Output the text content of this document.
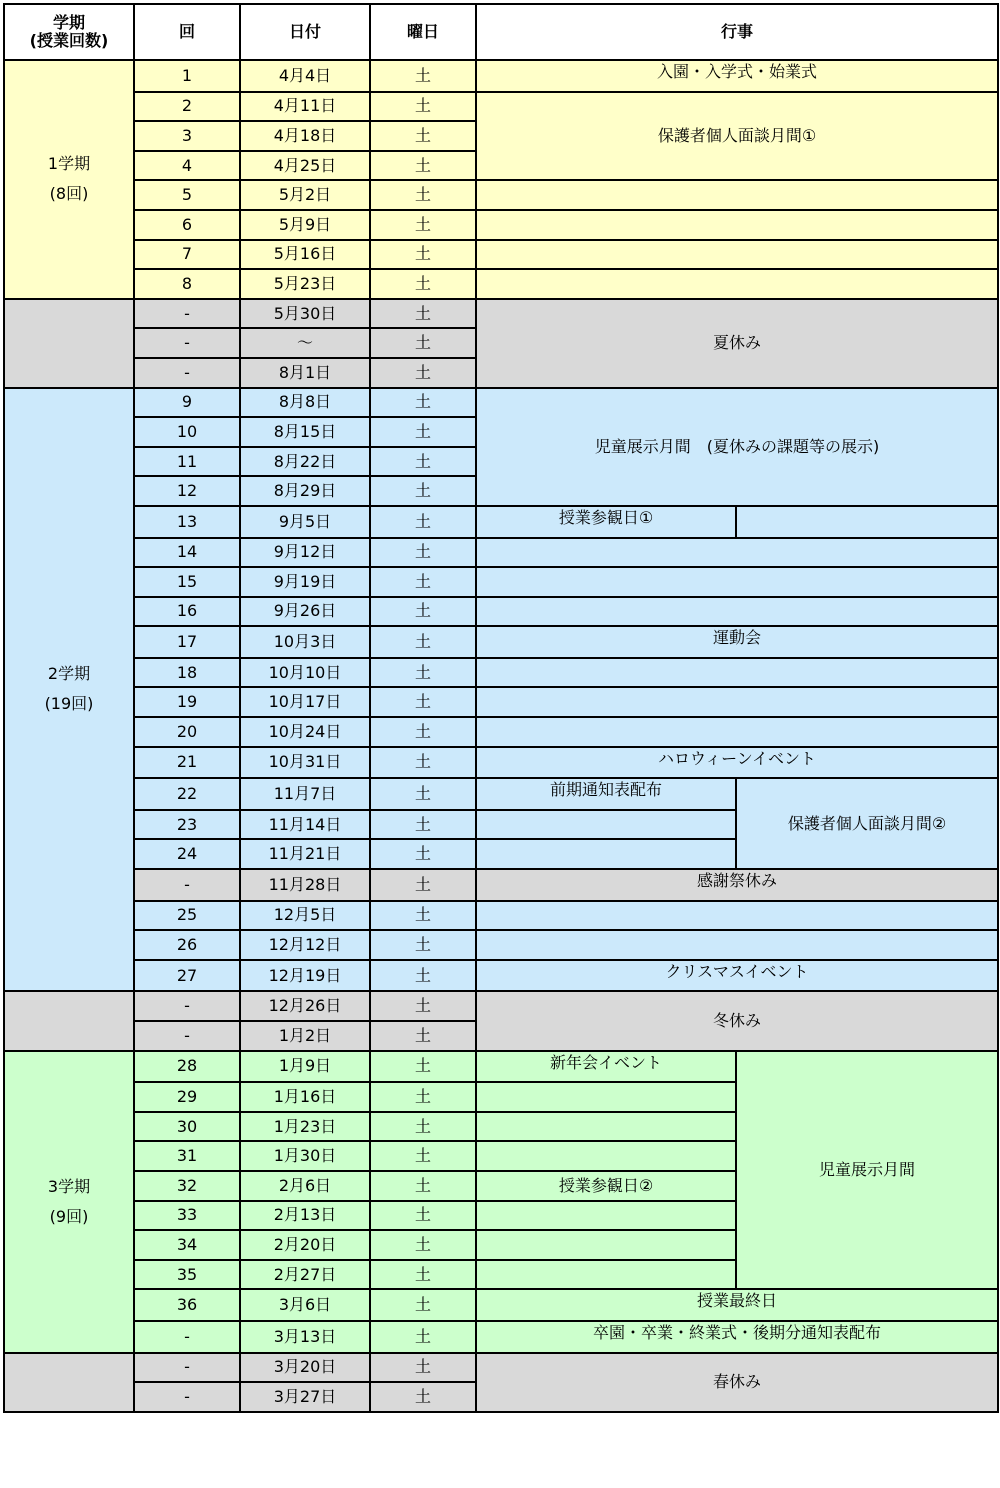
学期
(授業回数)	回	日付	曜日	行事	
1学期
(8回)	1	4月4日	土	入園・入学式・始業式	
	2	4月11日	土	保護者個人面談月間①	
	3	4月18日	土		
	4	4月25日	土		
	5	5月2日	土		
	6	5月9日	土		
	7	5月16日	土		
	8	5月23日	土		
	-	5月30日	土	夏休み	
	-	～	土		
	-	8月1日	土		
2学期
(19回)	9	8月8日	土	児童展示月間　(夏休みの課題等の展示)	
	10	8月15日	土		
	11	8月22日	土		
	12	8月29日	土		
	13	9月5日	土	授業参観日①	
	14	9月12日	土		
	15	9月19日	土		
	16	9月26日	土		
	17	10月3日	土	運動会	
	18	10月10日	土		
	19	10月17日	土		
	20	10月24日	土		
	21	10月31日	土	ハロウィーンイベント	
	22	11月7日	土	前期通知表配布	保護者個人面談月間②
	23	11月14日	土		
	24	11月21日	土		
	-	11月28日	土	感謝祭休み	
	25	12月5日	土		
	26	12月12日	土		
	27	12月19日	土	クリスマスイベント	
	-	12月26日	土	冬休み	
	-	1月2日	土		
3学期
(9回)	28	1月9日	土	新年会イベント	児童展示月間
	29	1月16日	土		
	30	1月23日	土		
	31	1月30日	土		
	32	2月6日	土	授業参観日②	
	33	2月13日	土		
	34	2月20日	土		
	35	2月27日	土		
	36	3月6日	土	授業最終日	
	-	3月13日	土	卒園・卒業・終業式・後期分通知表配布	
	-	3月20日	土	春休み	
	-	3月27日	土		
